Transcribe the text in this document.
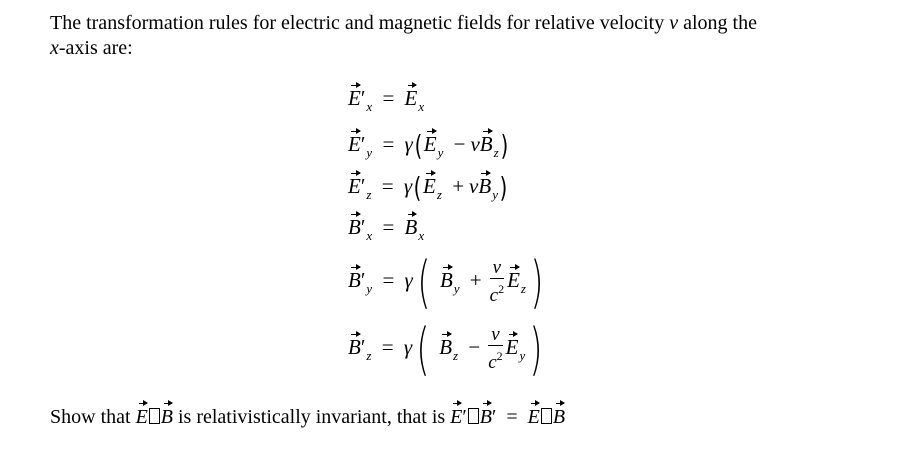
The transformation rules for electric and magnetic fields for relative velocity v along the
x-axis are:
$E'_x = E_x$
$E'_y = \gamma(E_y - vB_z)$
$E'_z = \gamma(E_z + vB_y)$
$B'_x = B_x$
$B'_y = \gamma$( $B_y + \frac{v}{c^2} E_z$)
$B'_z = \gamma$( $B_z - \frac{v}{c^2} E_y$)
Show that E B is relativistically invariant, that is E′ B′ = E B
